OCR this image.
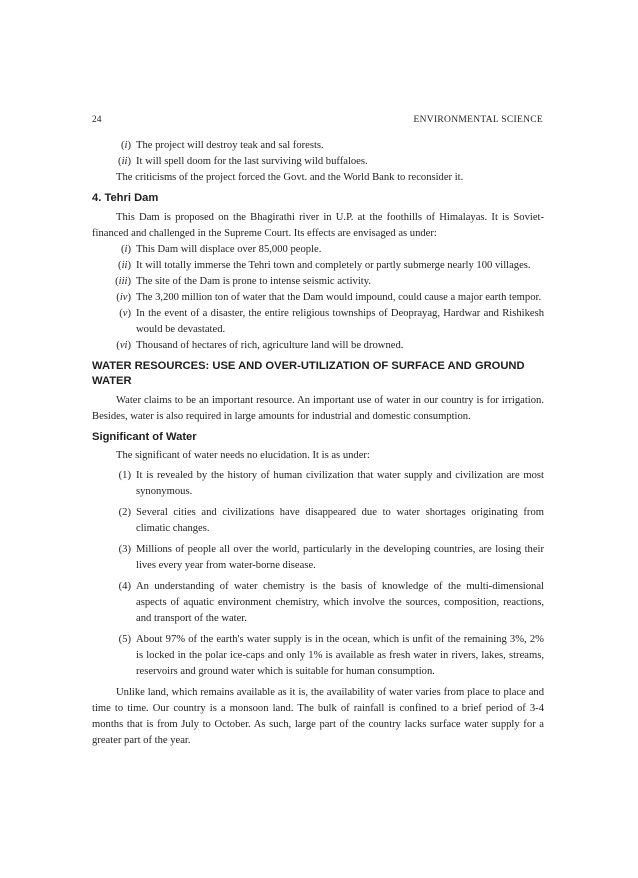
24	ENVIRONMENTAL SCIENCE
(i) The project will destroy teak and sal forests.
(ii) It will spell doom for the last surviving wild buffaloes.

The criticisms of the project forced the Govt. and the World Bank to reconsider it.

4. Tehri Dam

This Dam is proposed on the Bhagirathi river in U.P. at the foothills of Himalayas. It is Soviet-financed and challenged in the Supreme Court. Its effects are envisaged as under:

(i) This Dam will displace over 85,000 people.
(ii) It will totally immerse the Tehri town and completely or partly submerge nearly 100 villages.
(iii) The site of the Dam is prone to intense seismic activity.
(iv) The 3,200 million ton of water that the Dam would impound, could cause a major earth tempor.
(v) In the event of a disaster, the entire religious townships of Deoprayag, Hardwar and Rishikesh would be devastated.
(vi) Thousand of hectares of rich, agriculture land will be drowned.
WATER RESOURCES: USE AND OVER-UTILIZATION OF SURFACE AND GROUND WATER

Water claims to be an important resource. An important use of water in our country is for irrigation. Besides, water is also required in large amounts for industrial and domestic consumption.

Significant of Water

The significant of water needs no elucidation. It is as under:

(1) It is revealed by the history of human civilization that water supply and civilization are most synonymous.
(2) Several cities and civilizations have disappeared due to water shortages originating from climatic changes.
(3) Millions of people all over the world, particularly in the developing countries, are losing their lives every year from water-borne disease.
(4) An understanding of water chemistry is the basis of knowledge of the multi-dimensional aspects of aquatic environment chemistry, which involve the sources, composition, reactions, and transport of the water.
(5) About 97% of the earth's water supply is in the ocean, which is unfit of the remaining 3%, 2% is locked in the polar ice-caps and only 1% is available as fresh water in rivers, lakes, streams, reservoirs and ground water which is suitable for human consumption.

Unlike land, which remains available as it is, the availability of water varies from place to place and time to time. Our country is a monsoon land. The bulk of rainfall is confined to a brief period of 3-4 months that is from July to October. As such, large part of the country lacks surface water supply for a greater part of the year.
